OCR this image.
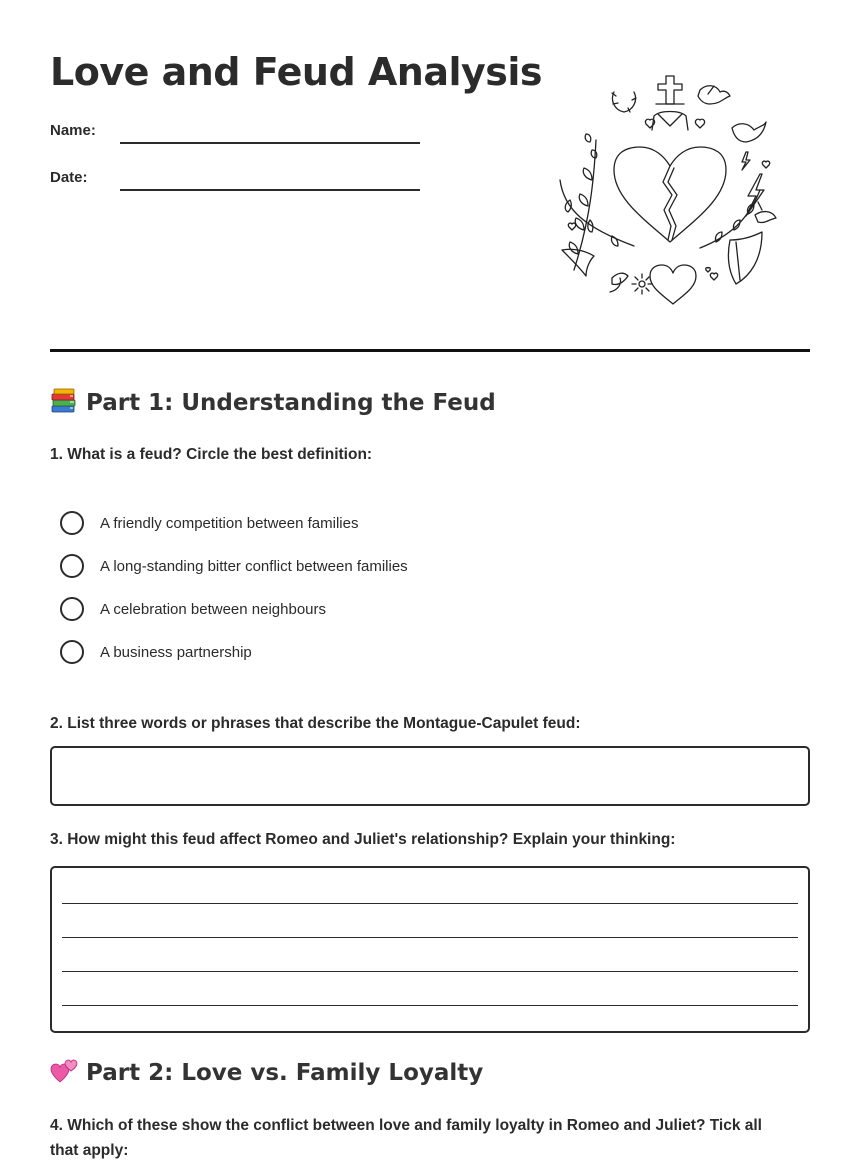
Love and Feud Analysis
Name:
Date:
Part 1: Understanding the Feud
1. What is a feud? Circle the best definition:
A friendly competition between families
A long-standing bitter conflict between families
A celebration between neighbours
A business partnership
2. List three words or phrases that describe the Montague-Capulet feud:
3. How might this feud affect Romeo and Juliet's relationship? Explain your thinking:
Part 2: Love vs. Family Loyalty
4. Which of these show the conflict between love and family loyalty in Romeo and Juliet? Tick all that apply:
